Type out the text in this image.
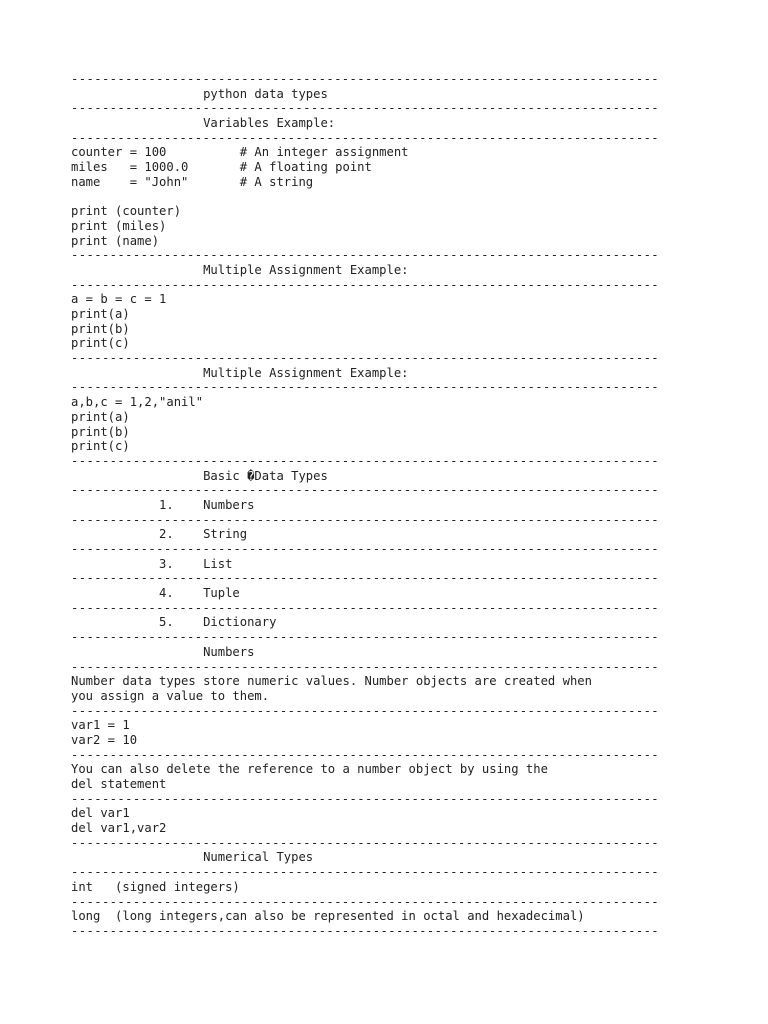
----------------------------------------------------------------------------
python data types
----------------------------------------------------------------------------
Variables Example:
----------------------------------------------------------------------------
counter = 100          # An integer assignment
miles   = 1000.0       # A floating point
name    = "John"       # A string
print (counter)
print (miles)
print (name)
----------------------------------------------------------------------------
Multiple Assignment Example:
----------------------------------------------------------------------------
a = b = c = 1
print(a)
print(b)
print(c)
----------------------------------------------------------------------------
Multiple Assignment Example:
----------------------------------------------------------------------------
a,b,c = 1,2,"anil"
print(a)
print(b)
print(c)
----------------------------------------------------------------------------
Basic �Data Types
----------------------------------------------------------------------------
1.    Numbers
----------------------------------------------------------------------------
2.    String
----------------------------------------------------------------------------
3.    List
----------------------------------------------------------------------------
4.    Tuple
----------------------------------------------------------------------------
5.    Dictionary
----------------------------------------------------------------------------
Numbers
----------------------------------------------------------------------------
Number data types store numeric values. Number objects are created when
you assign a value to them.
----------------------------------------------------------------------------
var1 = 1
var2 = 10
----------------------------------------------------------------------------
You can also delete the reference to a number object by using the
del statement
----------------------------------------------------------------------------
del var1
del var1,var2
----------------------------------------------------------------------------
Numerical Types
----------------------------------------------------------------------------
int   (signed integers)
----------------------------------------------------------------------------
long  (long integers,can also be represented in octal and hexadecimal)
----------------------------------------------------------------------------
